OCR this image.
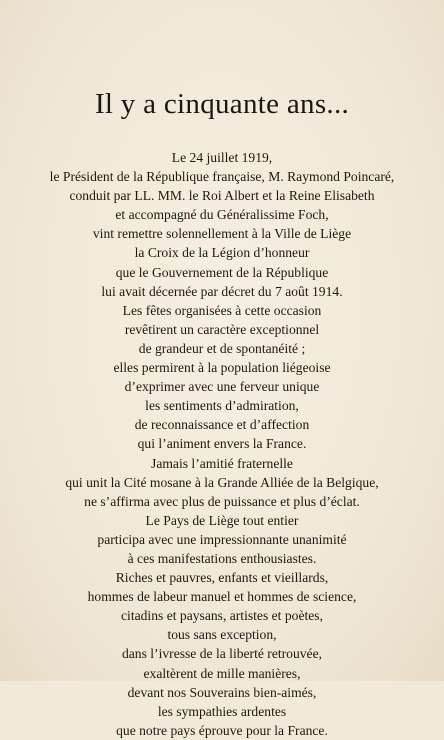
Il y a cinquante ans...
Le 24 juillet 1919,
le Président de la République française, M. Raymond Poincaré,
conduit par LL. MM. le Roi Albert et la Reine Elisabeth
et accompagné du Généralissime Foch,
vint remettre solennellement à la Ville de Liège
la Croix de la Légion d’honneur
que le Gouvernement de la République
lui avait décernée par décret du 7 août 1914.
Les fêtes organisées à cette occasion
revêtirent un caractère exceptionnel
de grandeur et de spontanéité ;
elles permirent à la population liégeoise
d’exprimer avec une ferveur unique
les sentiments d’admiration,
de reconnaissance et d’affection
qui l’animent envers la France.
Jamais l’amitié fraternelle
qui unit la Cité mosane à la Grande Alliée de la Belgique,
ne s’affirma avec plus de puissance et plus d’éclat.
Le Pays de Liège tout entier
participa avec une impressionnante unanimité
à ces manifestations enthousiastes.
Riches et pauvres, enfants et vieillards,
hommes de labeur manuel et hommes de science,
citadins et paysans, artistes et poètes,
tous sans exception,
dans l’ivresse de la liberté retrouvée,
exaltèrent de mille manières,
devant nos Souverains bien-aimés,
les sympathies ardentes
que notre pays éprouve pour la France.
